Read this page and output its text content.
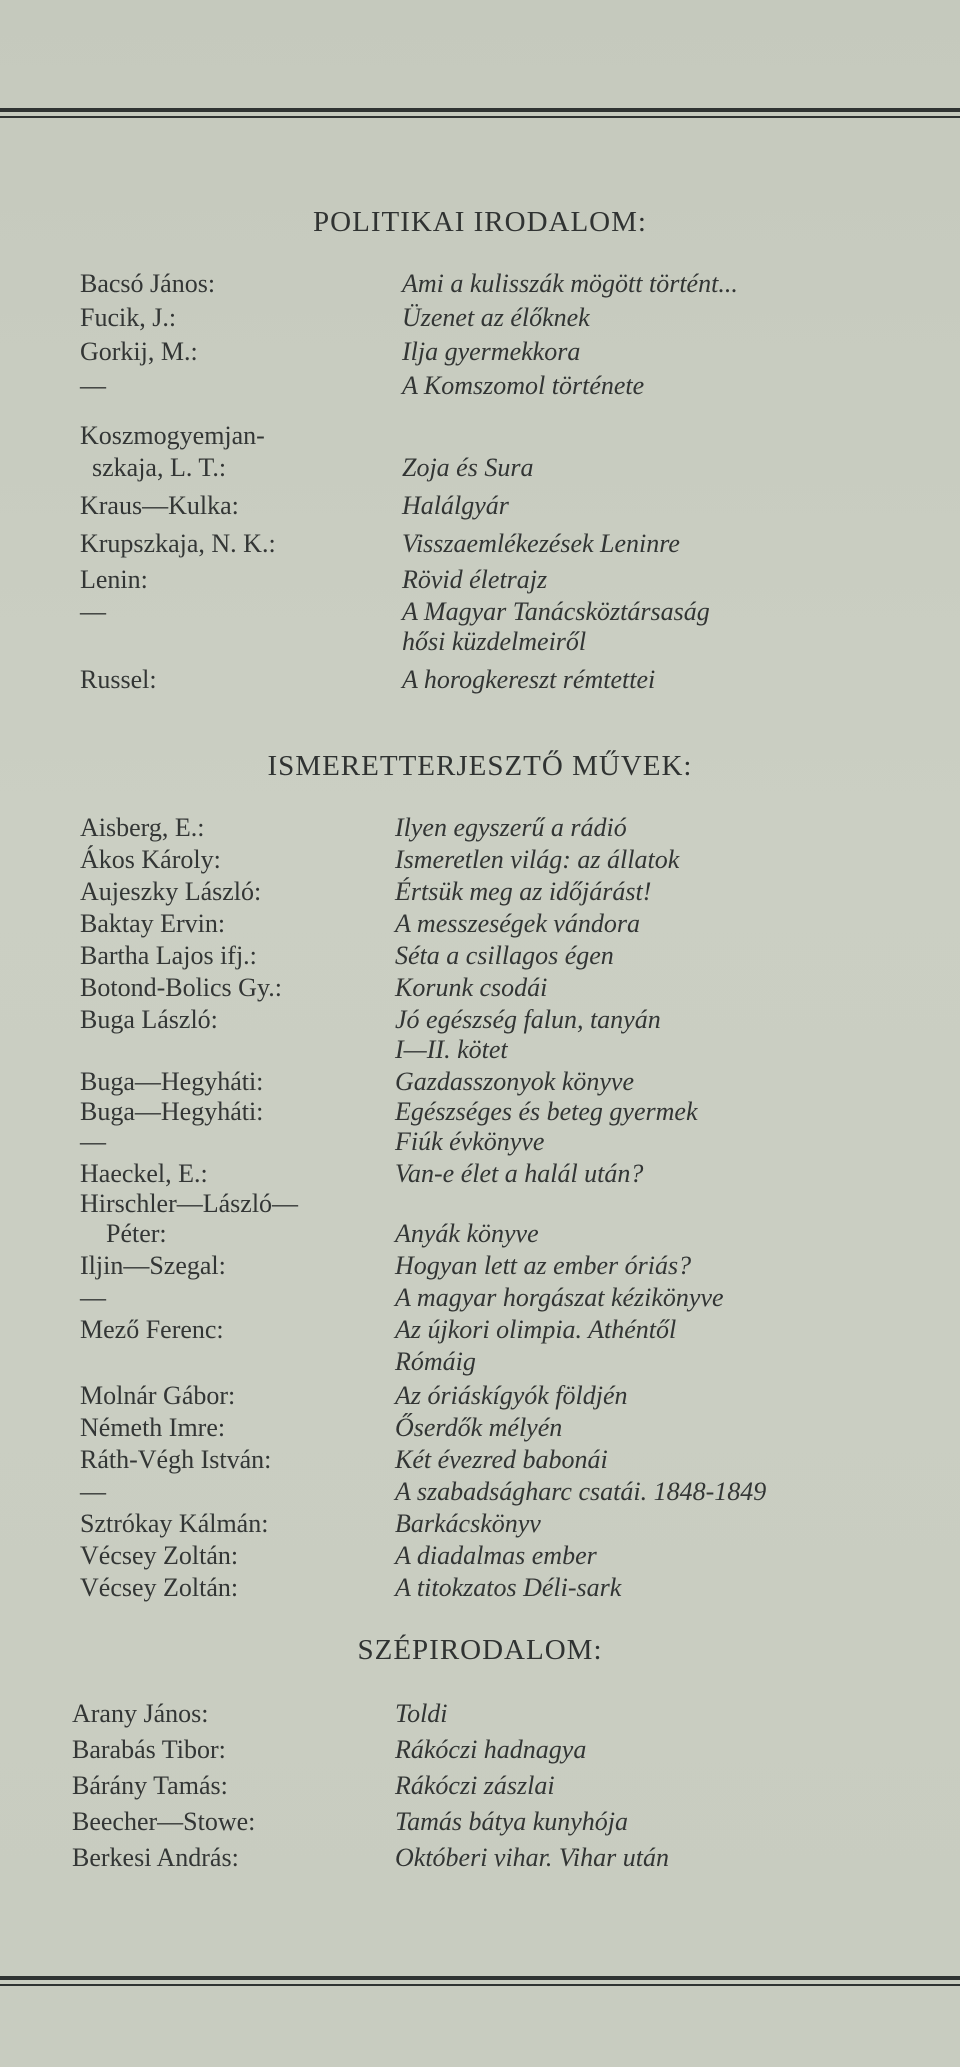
POLITIKAI IRODALOM:
Bacsó János:	Ami a kulisszák mögött történt...
Fucik, J.:	Üzenet az élőknek
Gorkij, M.:	Ilja gyermekkora
—	A Komszomol története
Koszmogyemjan-
szkaja, L. T.:	Zoja és Sura
Kraus—Kulka:	Halálgyár
Krupszkaja, N. K.:	Visszaemlékezések Leninre
Lenin:	Rövid életrajz
—	A Magyar Tanácsköztársaság
hősi küzdelmeiről
Russel:	A horogkereszt rémtettei
ISMERETTERJESZTŐ MŰVEK:
Aisberg, E.:	Ilyen egyszerű a rádió
Ákos Károly:	Ismeretlen világ: az állatok
Aujeszky László:	Értsük meg az időjárást!
Baktay Ervin:	A messzeségek vándora
Bartha Lajos ifj.:	Séta a csillagos égen
Botond-Bolics Gy.:	Korunk csodái
Buga László:	Jó egészség falun, tanyán
I—II. kötet
Buga—Hegyháti:	Gazdasszonyok könyve
Buga—Hegyháti:	Egészséges és beteg gyermek
—	Fiúk évkönyve
Haeckel, E.:	Van-e élet a halál után?
Hirschler—László—
Péter:	Anyák könyve
Iljin—Szegal:	Hogyan lett az ember óriás?
—	A magyar horgászat kézikönyve
Mező Ferenc:	Az újkori olimpia. Athéntől
Rómáig
Molnár Gábor:	Az óriáskígyók földjén
Németh Imre:	Őserdők mélyén
Ráth-Végh István:	Két évezred babonái
—	A szabadságharc csatái. 1848-1849
Sztrókay Kálmán:	Barkácskönyv
Vécsey Zoltán:	A diadalmas ember
Vécsey Zoltán:	A titokzatos Déli-sark
SZÉPIRODALOM:
Arany János:	Toldi
Barabás Tibor:	Rákóczi hadnagya
Bárány Tamás:	Rákóczi zászlai
Beecher—Stowe:	Tamás bátya kunyhója
Berkesi András:	Októberi vihar. Vihar után
